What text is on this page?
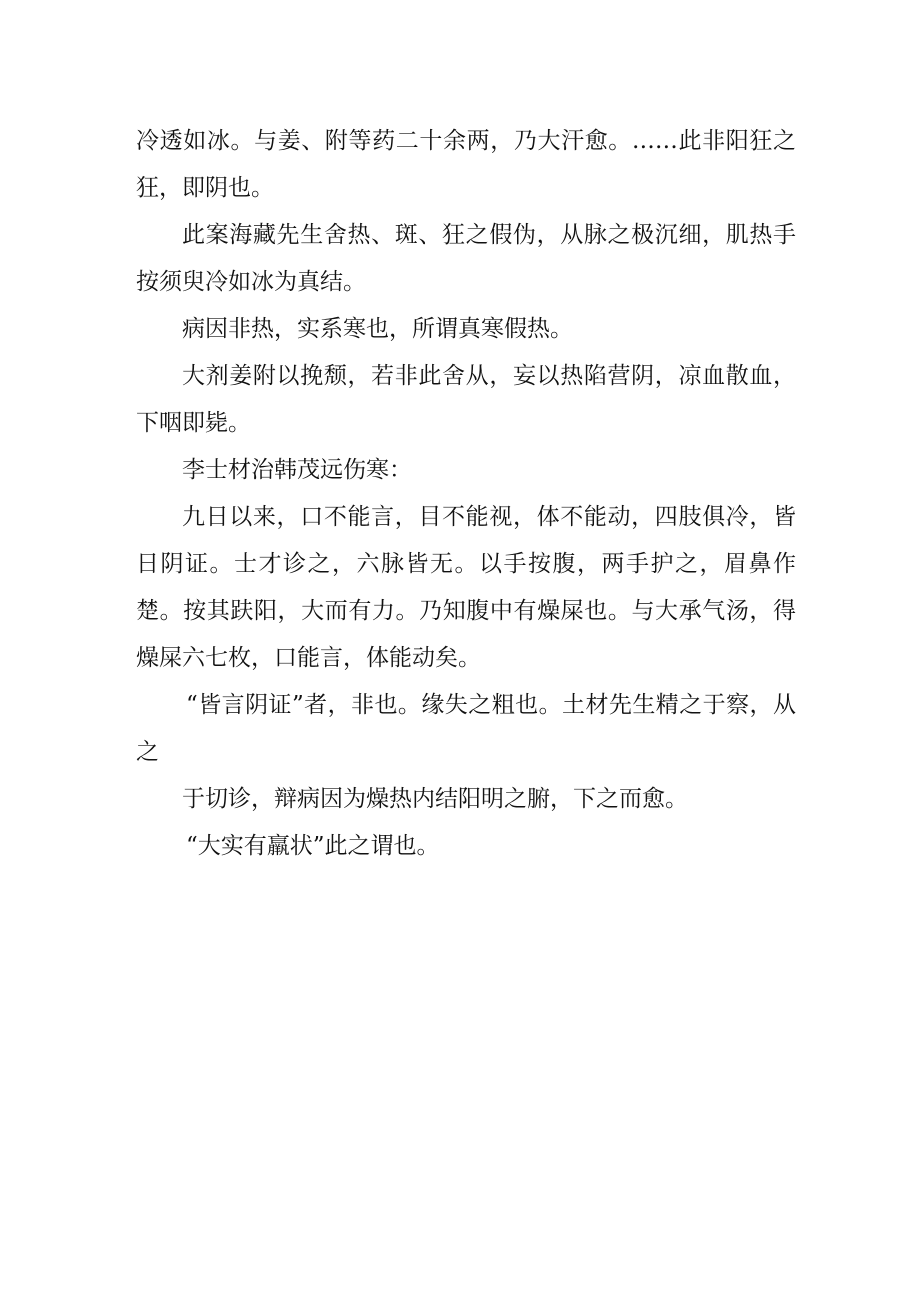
冷透如冰。与姜、附等药二十余两，乃大汗愈。……此非阳狂之狂，即阴也。

此案海藏先生舍热、斑、狂之假伪，从脉之极沉细，肌热手按须臾冷如冰为真结。

病因非热，实系寒也，所谓真寒假热。

大剂姜附以挽颓，若非此舍从，妄以热陷营阴，凉血散血，下咽即毙。

李士材治韩茂远伤寒：

九日以来，口不能言，目不能视，体不能动，四肢俱冷，皆日阴证。士才诊之，六脉皆无。以手按腹，两手护之，眉鼻作楚。按其趺阳，大而有力。乃知腹中有燥屎也。与大承气汤，得燥屎六七枚，口能言，体能动矣。

“皆言阴证”者，非也。缘失之粗也。土材先生精之于察，从之

于切诊，辩病因为燥热内结阳明之腑，下之而愈。

“大实有羸状”此之谓也。
